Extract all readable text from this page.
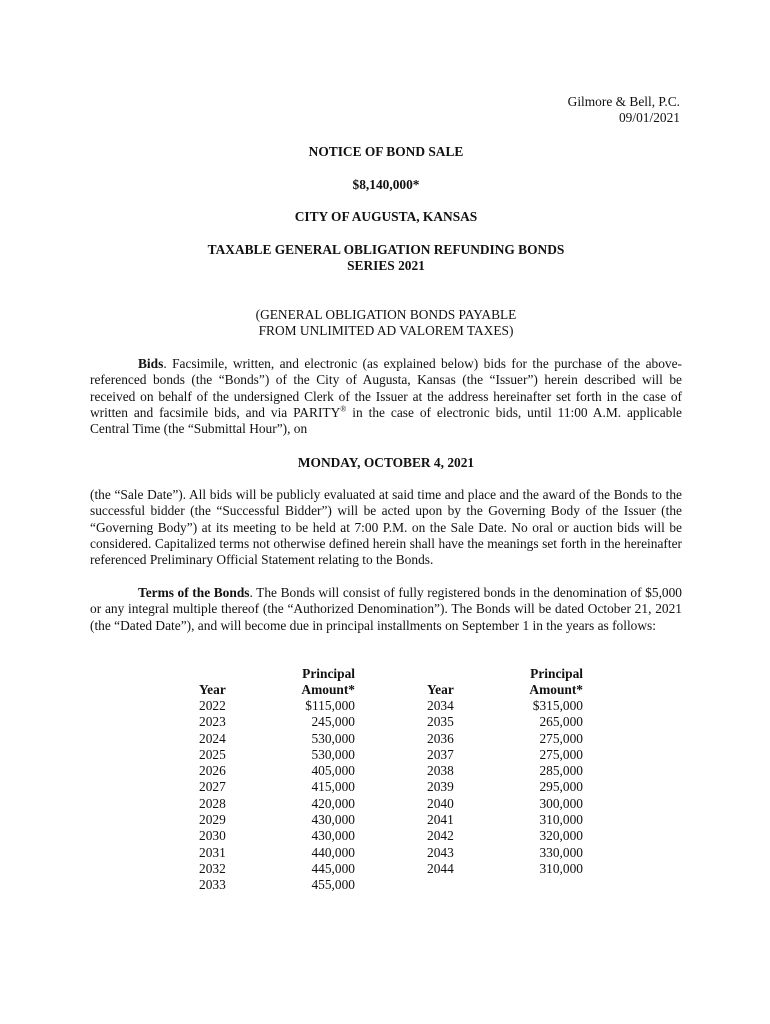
Gilmore & Bell, P.C.
09/01/2021
NOTICE OF BOND SALE
$8,140,000*
CITY OF AUGUSTA, KANSAS
TAXABLE GENERAL OBLIGATION REFUNDING BONDS
SERIES 2021
(GENERAL OBLIGATION BONDS PAYABLE
FROM UNLIMITED AD VALOREM TAXES)
Bids. Facsimile, written, and electronic (as explained below) bids for the purchase of the above-referenced bonds (the “Bonds”) of the City of Augusta, Kansas (the “Issuer”) herein described will be received on behalf of the undersigned Clerk of the Issuer at the address hereinafter set forth in the case of written and facsimile bids, and via PARITY® in the case of electronic bids, until 11:00 A.M. applicable Central Time (the “Submittal Hour”), on
MONDAY, OCTOBER 4, 2021
(the “Sale Date”). All bids will be publicly evaluated at said time and place and the award of the Bonds to the successful bidder (the “Successful Bidder”) will be acted upon by the Governing Body of the Issuer (the “Governing Body”) at its meeting to be held at 7:00 P.M. on the Sale Date. No oral or auction bids will be considered. Capitalized terms not otherwise defined herein shall have the meanings set forth in the hereinafter referenced Preliminary Official Statement relating to the Bonds.
Terms of the Bonds. The Bonds will consist of fully registered bonds in the denomination of $5,000 or any integral multiple thereof (the “Authorized Denomination”). The Bonds will be dated October 21, 2021 (the “Dated Date”), and will become due in principal installments on September 1 in the years as follows:
Year
2022
2023
2024
2025
2026
2027
2028
2029
2030
2031
2032
2033
Principal
Amount*
$115,000
245,000
530,000
530,000
405,000
415,000
420,000
430,000
430,000
440,000
445,000
455,000
Year
2034
2035
2036
2037
2038
2039
2040
2041
2042
2043
2044
Principal
Amount*
$315,000
265,000
275,000
275,000
285,000
295,000
300,000
310,000
320,000
330,000
310,000
